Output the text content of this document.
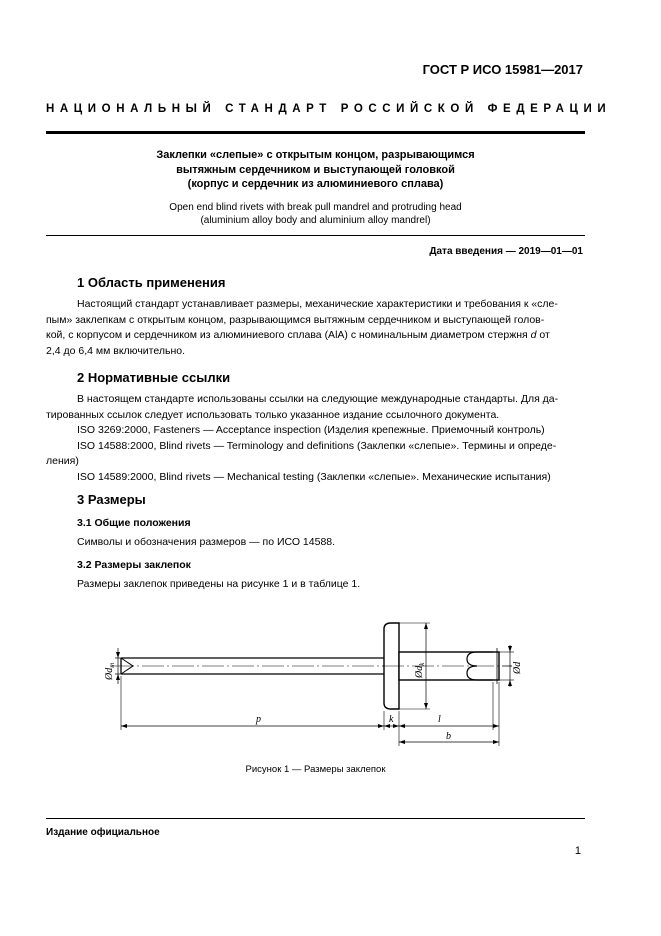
ГОСТ Р ИСО 15981—2017
НАЦИОНАЛЬНЫЙ СТАНДАРТ РОССИЙСКОЙ ФЕДЕРАЦИИ
Заклепки «слепые» с открытым концом, разрывающимся
вытяжным сердечником и выступающей головкой
(корпус и сердечник из алюминиевого сплава)
Open end blind rivets with break pull mandrel and protruding head
(aluminium alloy body and aluminium alloy mandrel)
Дата введения — 2019—01—01
1 Область применения
Настоящий стандарт устанавливает размеры, механические характеристики и требования к «сле-
пым» заклепкам с открытым концом, разрывающимся вытяжным сердечником и выступающей голов-
кой, с корпусом и сердечником из алюминиевого сплава (AlA) с номинальным диаметром стержня d от
2,4 до 6,4 мм включительно.
2 Нормативные ссылки
В настоящем стандарте использованы ссылки на следующие международные стандарты. Для да-
тированных ссылок следует использовать только указанное издание ссылочного документа.
ISO 3269:2000, Fasteners — Acceptance inspection (Изделия крепежные. Приемочный контроль)
ISO 14588:2000, Blind rivets — Terminology and definitions (Заклепки «слепые». Термины и опреде-
ления)
ISO 14589:2000, Blind rivets — Mechanical testing (Заклепки «слепые». Механические испытания)
3 Размеры
3.1 Общие положения
Символы и обозначения размеров — по ИСО 14588.
3.2 Размеры заклепок
Размеры заклепок приведены на рисунке 1 и в таблице 1.
$Ød_m$
$Ød_k$	Ød
p	k	l
b
Рисунок 1 — Размеры заклепок
Издание официальное
1
